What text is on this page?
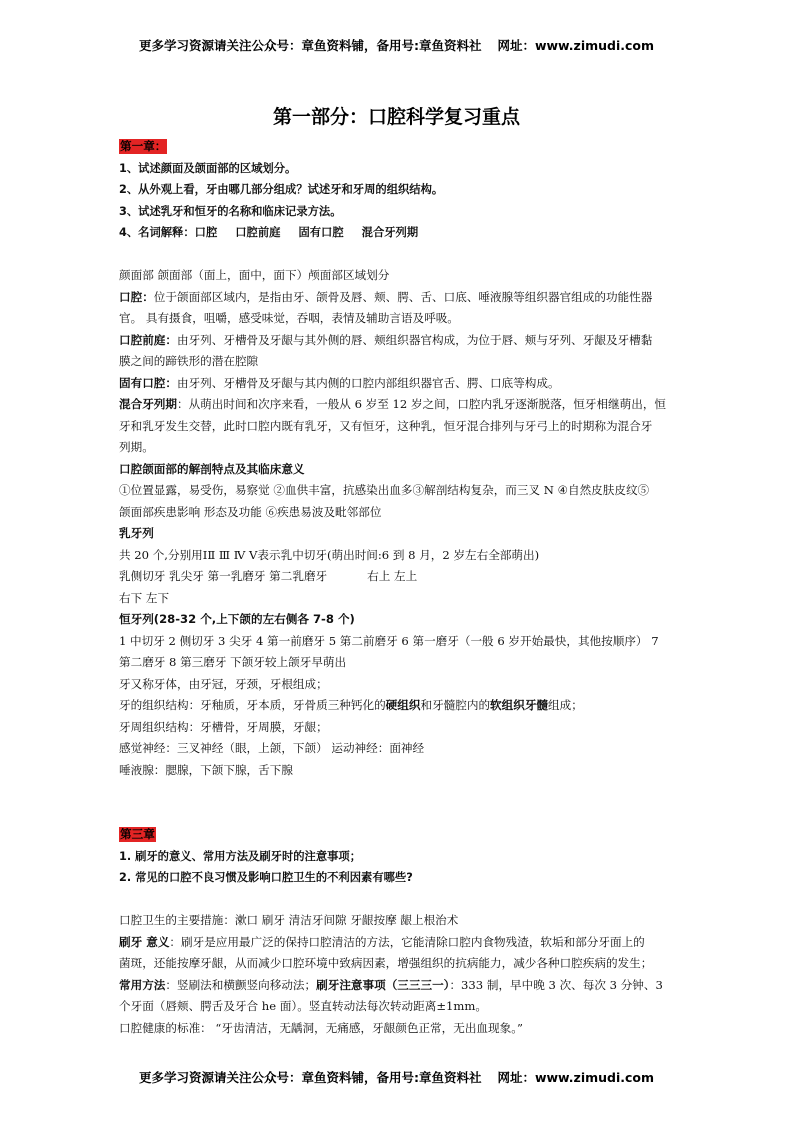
更多学习资源请关注公众号：章鱼资料铺，备用号:章鱼资料社 网址：www.zimudi.com
第一部分：口腔科学复习重点

第一章：

1、试述颜面及颌面部的区域划分。

2、从外观上看，牙由哪几部分组成？试述牙和牙周的组织结构。

3、试述乳牙和恒牙的名称和临床记录方法。

4、名词解释：口腔 口腔前庭 固有口腔 混合牙列期

颜面部 颌面部（面上，面中，面下）颅面部区域划分

口腔：位于颌面部区域内，是指由牙、颌骨及唇、颊、腭、舌、口底、唾液腺等组织器官组成的功能性器

官。 具有摄食，咀嚼，感受味觉，吞咽，表情及辅助言语及呼吸。

口腔前庭：由牙列、牙槽骨及牙龈与其外侧的唇、颊组织器官构成，为位于唇、颊与牙列、牙龈及牙槽黏

膜之间的蹄铁形的潜在腔隙

固有口腔：由牙列、牙槽骨及牙龈与其内侧的口腔内部组织器官舌、腭、口底等构成。

混合牙列期：从萌出时间和次序来看，一般从 6 岁至 12 岁之间，口腔内乳牙逐渐脱落，恒牙相继萌出，恒

牙和乳牙发生交替，此时口腔内既有乳牙，又有恒牙，这种乳，恒牙混合排列与牙弓上的时期称为混合牙

列期。

口腔颌面部的解剖特点及其临床意义

①位置显露，易受伤，易察觉 ②血供丰富，抗感染出血多③解剖结构复杂，而三叉 N ④自然皮肤皮纹⑤

颌面部疾患影响 形态及功能 ⑥疾患易波及毗邻部位

乳牙列

共 20 个,分别用ⅠⅡ Ⅲ Ⅳ Ⅴ表示乳中切牙(萌出时间:6 到 8 月，2 岁左右全部萌出)

乳侧切牙 乳尖牙 第一乳磨牙 第二乳磨牙	右上 左上

右下 左下

恒牙列(28-32 个,上下颌的左右侧各 7-8 个)

1 中切牙 2 侧切牙 3 尖牙 4 第一前磨牙 5 第二前磨牙 6 第一磨牙（一般 6 岁开始最快，其他按顺序） 7

第二磨牙 8 第三磨牙 下颌牙较上颌牙早萌出

牙又称牙体，由牙冠，牙颈，牙根组成；

牙的组织结构：牙釉质，牙本质，牙骨质三种钙化的硬组织和牙髓腔内的软组织牙髓组成；

牙周组织结构：牙槽骨，牙周膜，牙龈；

感觉神经：三叉神经（眼，上颌，下颌） 运动神经：面神经

唾液腺：腮腺，下颌下腺，舌下腺

第三章

1. 刷牙的意义、常用方法及刷牙时的注意事项；

2. 常见的口腔不良习惯及影响口腔卫生的不利因素有哪些?

口腔卫生的主要措施：漱口 刷牙 清洁牙间隙 牙龈按摩 龈上根治术

刷牙 意义：刷牙是应用最广泛的保持口腔清洁的方法，它能清除口腔内食物残渣，软垢和部分牙面上的

菌斑，还能按摩牙龈，从而减少口腔环境中致病因素，增强组织的抗病能力，减少各种口腔疾病的发生；

常用方法：竖刷法和横颤竖向移动法；刷牙注意事项（三三三一）：333 制，早中晚 3 次、每次 3 分钟、3

个牙面（唇颊、腭舌及牙合 he 面）。竖直转动法每次转动距离±1mm。

口腔健康的标准： “牙齿清洁，无龋洞，无痛感，牙龈颜色正常，无出血现象。”

更多学习资源请关注公众号：章鱼资料铺，备用号:章鱼资料社 网址：www.zimudi.com
